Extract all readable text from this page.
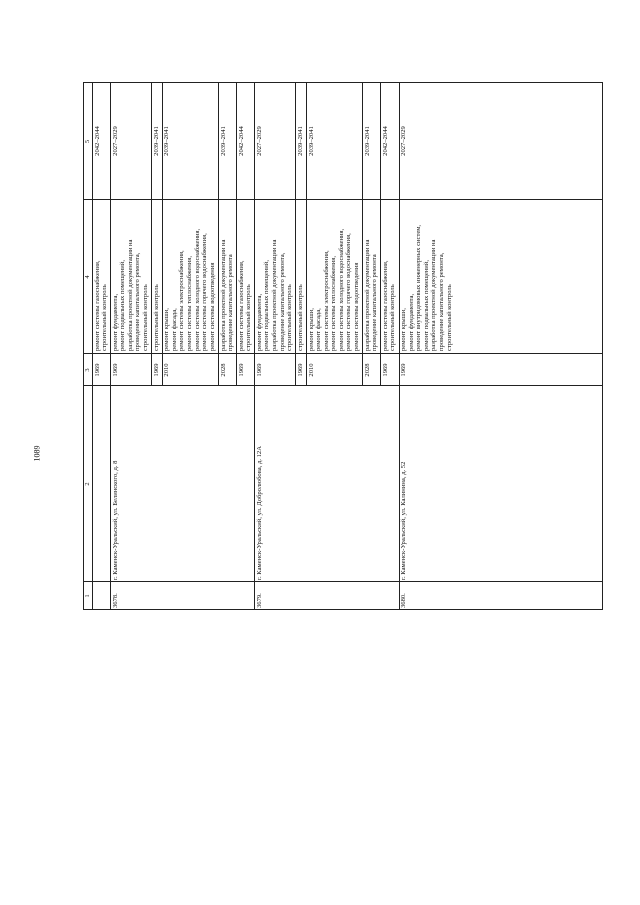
1089
1
2
3
4
5
1969
ремонт системы газоснабжения, строительный контроль
2042–2044
3678.
г. Каменск-Уральский, ул. Белинского, д. 8
1969
ремонт фундамента, ремонт подвальных помещений, разработка проектной документации на проведение капитального ремонта, строительный контроль
2027–2029
1969
строительный контроль
2039–2041
2010
ремонт крыши, ремонт фасада, ремонт системы электроснабжения, ремонт системы теплоснабжения, ремонт системы холодного водоснабжения, ремонт системы горячего водоснабжения, ремонт системы водоотведения
2039–2041
2028
разработка проектной документации на проведение капитального ремонта
2039–2041
1969
ремонт системы газоснабжения, строительный контроль
2042–2044
3679.
г. Каменск-Уральский, ул. Добролюбова, д. 12А
1969
ремонт фундамента, ремонт подвальных помещений, разработка проектной документации на проведение капитального ремонта, строительный контроль
2027–2029
1969
строительный контроль
2039–2041
2010
ремонт крыши, ремонт фасада, ремонт системы электроснабжения, ремонт системы теплоснабжения, ремонт системы холодного водоснабжения, ремонт системы горячего водоснабжения, ремонт системы водоотведения
2039–2041
2028
разработка проектной документации на проведение капитального ремонта
2039–2041
1969
ремонт системы газоснабжения, строительный контроль
2042–2044
3680.
г. Каменск-Уральский, ул. Калинина, д. 52
1969
ремонт крыши, ремонт фундамента, ремонт внутридомовых инженерных систем, ремонт подвальных помещений, разработка проектной документации на проведение капитального ремонта, строительный контроль
2027–2029
